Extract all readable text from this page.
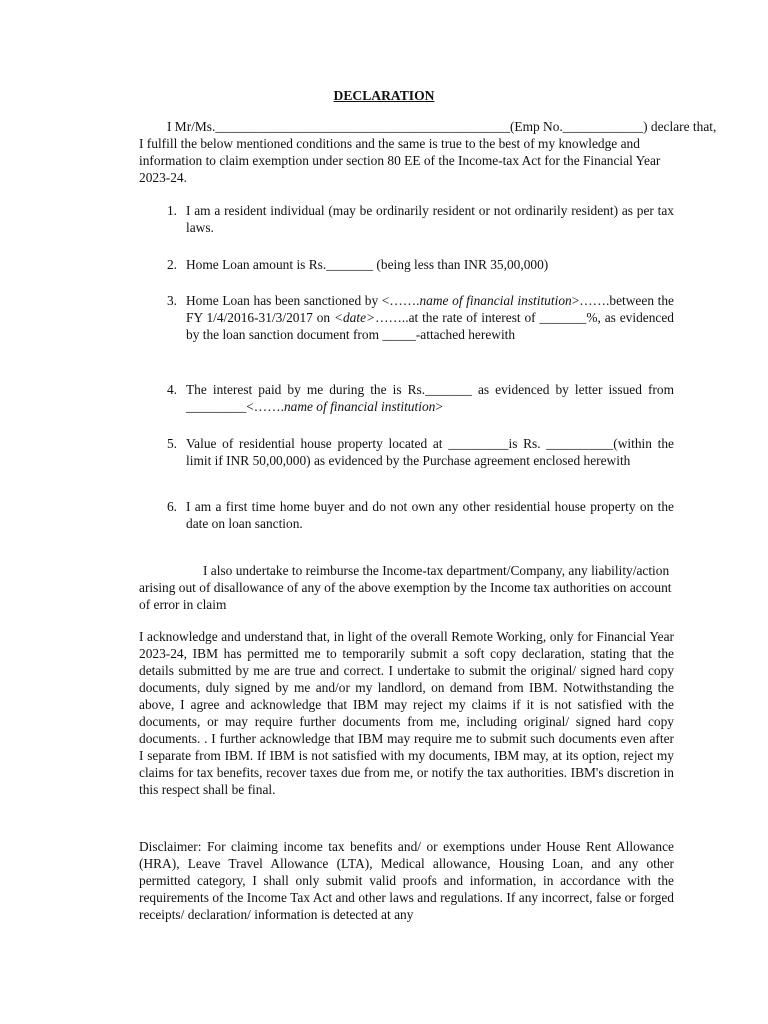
DECLARATION
I Mr/Ms.____________________________________________(Emp No.____________) declare that,
I fulfill the below mentioned conditions and the same is true to the best of my knowledge and information to claim exemption under section 80 EE of the Income-tax Act for the Financial Year 2023-24.
1. I am a resident individual (may be ordinarily resident or not ordinarily resident) as per tax laws.
2. Home Loan amount is Rs._______ (being less than INR 35,00,000)
3. Home Loan has been sanctioned by <…….name of financial institution>…….between the FY 1/4/2016-31/3/2017 on <date>……..at the rate of interest of _______%, as evidenced by the loan sanction document from _____-attached herewith
4. The interest paid by me during the is Rs._______ as evidenced by letter issued from _________<…….name of financial institution>
5. Value of residential house property located at _________is Rs. __________(within the limit if INR 50,00,000) as evidenced by the Purchase agreement enclosed herewith
6. I am a first time home buyer and do not own any other residential house property on the date on loan sanction.

I also undertake to reimburse the Income-tax department/Company, any liability/action arising out of disallowance of any of the above exemption by the Income tax authorities on account of error in claim

I acknowledge and understand that, in light of the overall Remote Working, only for Financial Year 2023-24, IBM has permitted me to temporarily submit a soft copy declaration, stating that the details submitted by me are true and correct. I undertake to submit the original/ signed hard copy documents, duly signed by me and/or my landlord, on demand from IBM. Notwithstanding the above, I agree and acknowledge that IBM may reject my claims if it is not satisfied with the documents, or may require further documents from me, including original/ signed hard copy documents. . I further acknowledge that IBM may require me to submit such documents even after I separate from IBM. If IBM is not satisfied with my documents, IBM may, at its option, reject my claims for tax benefits, recover taxes due from me, or notify the tax authorities. IBM's discretion in this respect shall be final.

Disclaimer: For claiming income tax benefits and/ or exemptions under House Rent Allowance (HRA), Leave Travel Allowance (LTA), Medical allowance, Housing Loan, and any other permitted category, I shall only submit valid proofs and information, in accordance with the requirements of the Income Tax Act and other laws and regulations. If any incorrect, false or forged receipts/ declaration/ information is detected at any
